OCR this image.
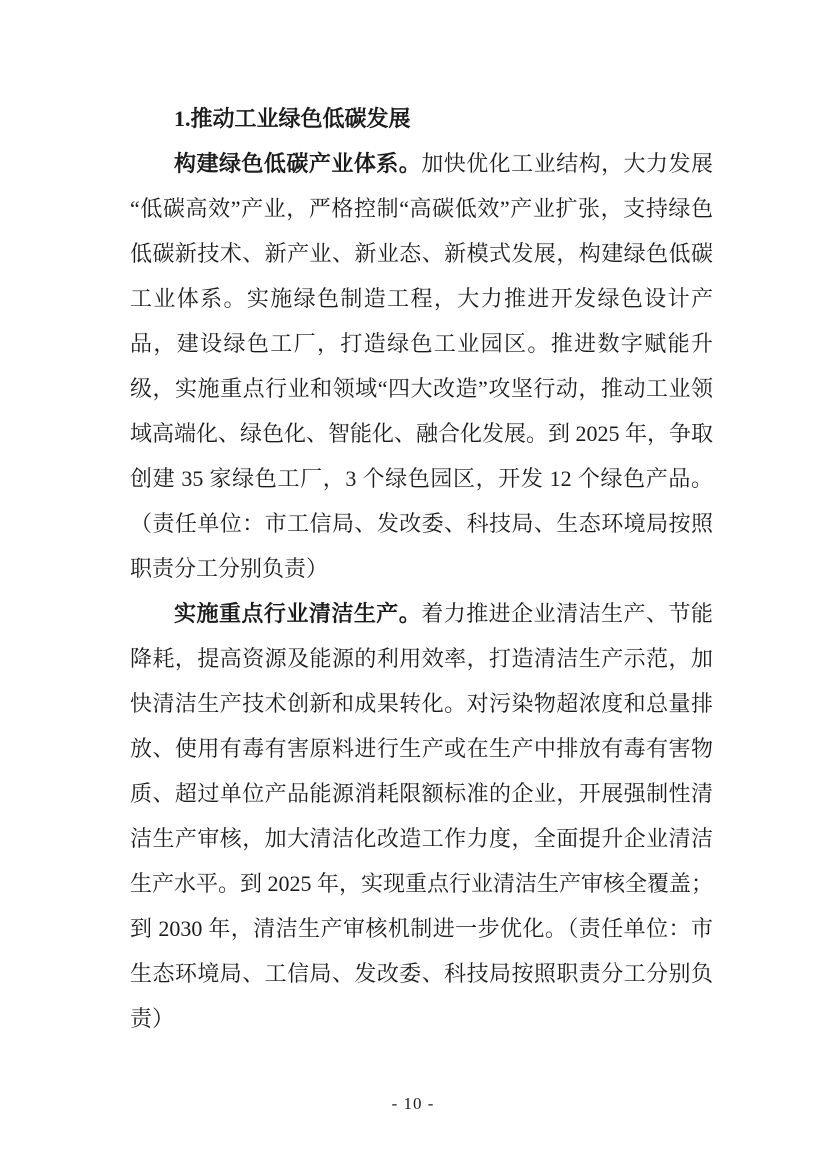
1.推动工业绿色低碳发展

构建绿色低碳产业体系。加快优化工业结构，大力发展“低碳高效”产业，严格控制“高碳低效”产业扩张，支持绿色低碳新技术、新产业、新业态、新模式发展，构建绿色低碳工业体系。实施绿色制造工程，大力推进开发绿色设计产品，建设绿色工厂，打造绿色工业园区。推进数字赋能升级，实施重点行业和领域“四大改造”攻坚行动，推动工业领域高端化、绿色化、智能化、融合化发展。到 2025 年，争取创建 35 家绿色工厂，3 个绿色园区，开发 12 个绿色产品。（责任单位：市工信局、发改委、科技局、生态环境局按照职责分工分别负责）

实施重点行业清洁生产。着力推进企业清洁生产、节能降耗，提高资源及能源的利用效率，打造清洁生产示范，加快清洁生产技术创新和成果转化。对污染物超浓度和总量排放、使用有毒有害原料进行生产或在生产中排放有毒有害物质、超过单位产品能源消耗限额标准的企业，开展强制性清洁生产审核，加大清洁化改造工作力度，全面提升企业清洁生产水平。到 2025 年，实现重点行业清洁生产审核全覆盖；到 2030 年，清洁生产审核机制进一步优化。（责任单位：市生态环境局、工信局、发改委、科技局按照职责分工分别负责）

- 10 -
